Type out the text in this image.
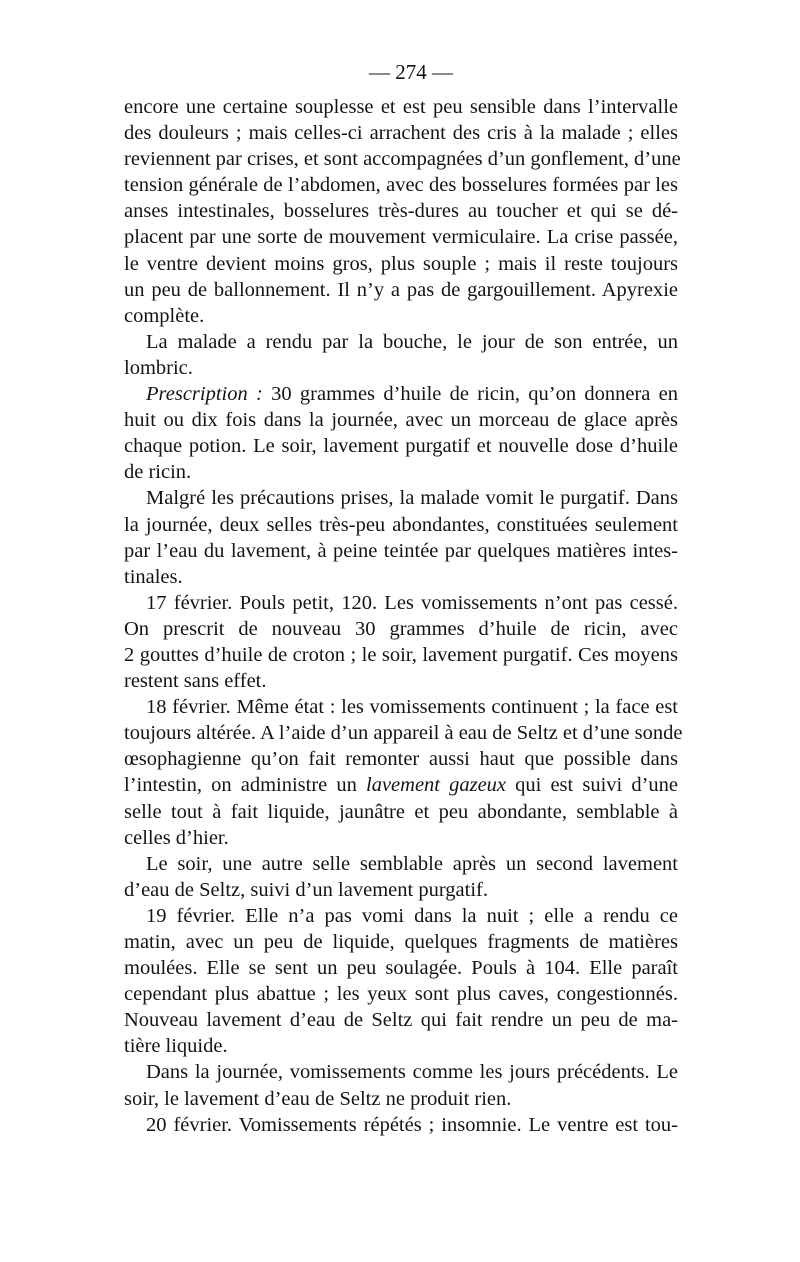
— 274 —
encore une certaine souplesse et est peu sensible dans l’intervalle
des douleurs ; mais celles-ci arrachent des cris à la malade ; elles
reviennent par crises, et sont accompagnées d’un gonflement, d’une
tension générale de l’abdomen, avec des bosselures formées par les
anses intestinales, bosselures très-dures au toucher et qui se dé-
placent par une sorte de mouvement vermiculaire. La crise passée,
le ventre devient moins gros, plus souple ; mais il reste toujours
un peu de ballonnement. Il n’y a pas de gargouillement. Apyrexie
complète.
La malade a rendu par la bouche, le jour de son entrée, un
lombric.
Prescription : 30 grammes d’huile de ricin, qu’on donnera en
huit ou dix fois dans la journée, avec un morceau de glace après
chaque potion. Le soir, lavement purgatif et nouvelle dose d’huile
de ricin.
Malgré les précautions prises, la malade vomit le purgatif. Dans
la journée, deux selles très-peu abondantes, constituées seulement
par l’eau du lavement, à peine teintée par quelques matières intes-
tinales.
17 février. Pouls petit, 120. Les vomissements n’ont pas cessé.
On prescrit de nouveau 30 grammes d’huile de ricin, avec
2 gouttes d’huile de croton ; le soir, lavement purgatif. Ces moyens
restent sans effet.
18 février. Même état : les vomissements continuent ; la face est
toujours altérée. A l’aide d’un appareil à eau de Seltz et d’une sonde
œsophagienne qu’on fait remonter aussi haut que possible dans
l’intestin, on administre un lavement gazeux qui est suivi d’une
selle tout à fait liquide, jaunâtre et peu abondante, semblable à
celles d’hier.
Le soir, une autre selle semblable après un second lavement
d’eau de Seltz, suivi d’un lavement purgatif.
19 février. Elle n’a pas vomi dans la nuit ; elle a rendu ce
matin, avec un peu de liquide, quelques fragments de matières
moulées. Elle se sent un peu soulagée. Pouls à 104. Elle paraît
cependant plus abattue ; les yeux sont plus caves, congestionnés.
Nouveau lavement d’eau de Seltz qui fait rendre un peu de ma-
tière liquide.
Dans la journée, vomissements comme les jours précédents. Le
soir, le lavement d’eau de Seltz ne produit rien.
20 février. Vomissements répétés ; insomnie. Le ventre est tou-
